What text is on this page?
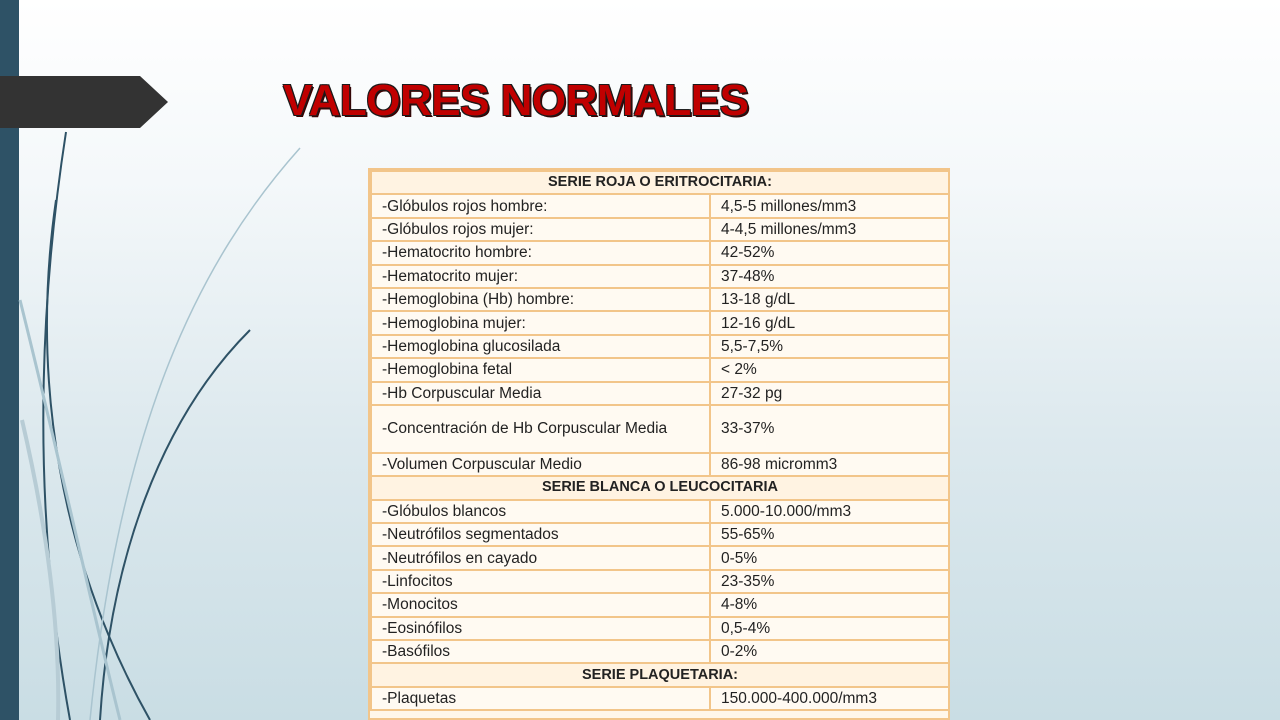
VALORES NORMALES
SERIE ROJA O ERITROCITARIA:	
-Glóbulos rojos hombre:	4,5-5 millones/mm3
-Glóbulos rojos mujer:	4-4,5 millones/mm3
-Hematocrito hombre:	42-52%
-Hematocrito mujer:	37-48%
-Hemoglobina (Hb) hombre:	13-18 g/dL
-Hemoglobina mujer:	12-16 g/dL
-Hemoglobina glucosilada	5,5-7,5%
-Hemoglobina fetal	< 2%
-Hb Corpuscular Media	27-32 pg
-Concentración de Hb Corpuscular Media	33-37%
-Volumen Corpuscular Medio	86-98 micromm3
SERIE BLANCA O LEUCOCITARIA	
-Glóbulos blancos	5.000-10.000/mm3
-Neutrófilos segmentados	55-65%
-Neutrófilos en cayado	0-5%
-Linfocitos	23-35%
-Monocitos	4-8%
-Eosinófilos	0,5-4%
-Basófilos	0-2%
SERIE PLAQUETARIA:	
-Plaquetas	150.000-400.000/mm3
